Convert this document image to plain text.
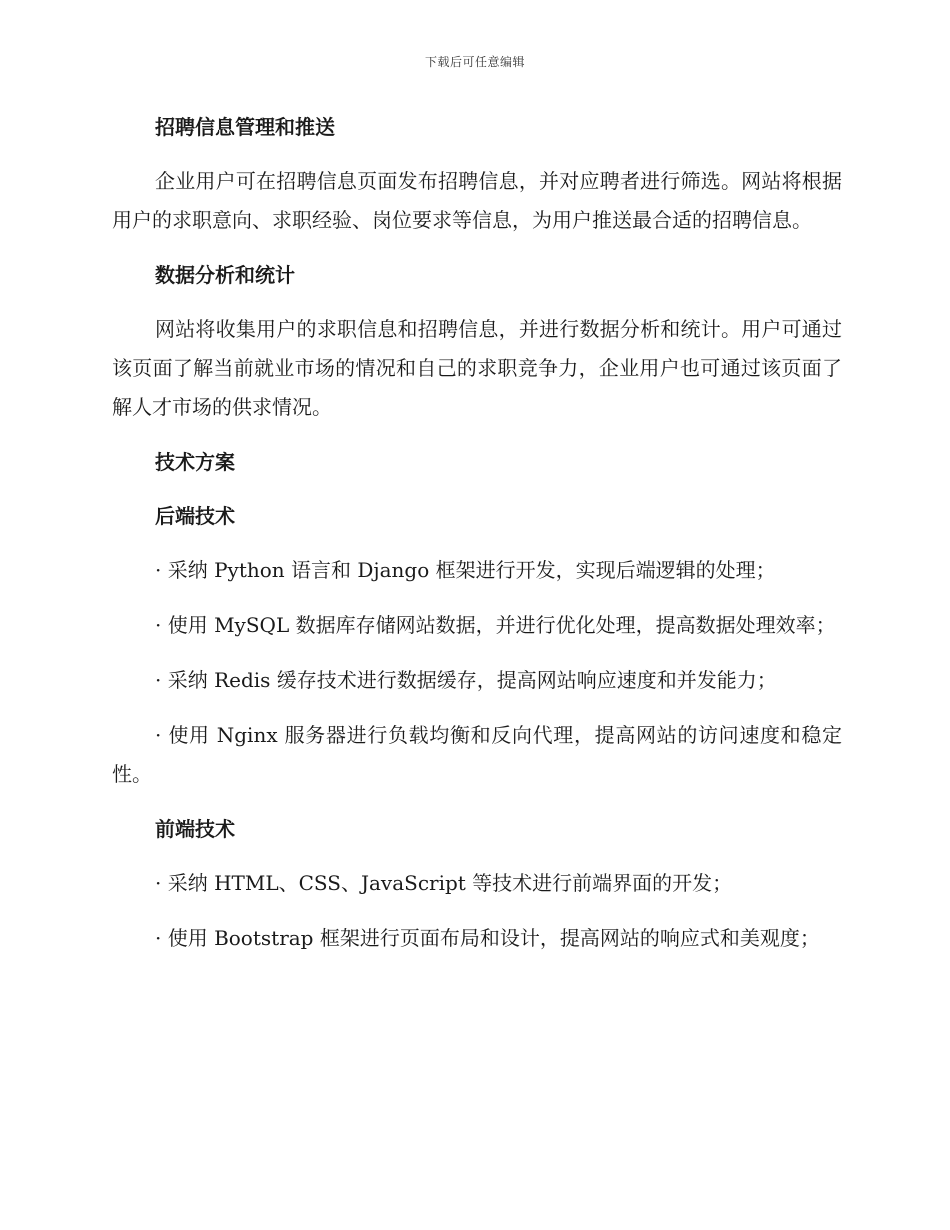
下载后可任意编辑
招聘信息管理和推送
企业用户可在招聘信息页面发布招聘信息，并对应聘者进行筛选。网站将根据用户的求职意向、求职经验、岗位要求等信息，为用户推送最合适的招聘信息。
数据分析和统计
网站将收集用户的求职信息和招聘信息，并进行数据分析和统计。用户可通过该页面了解当前就业市场的情况和自己的求职竞争力，企业用户也可通过该页面了解人才市场的供求情况。
技术方案
后端技术
· 采纳 Python 语言和 Django 框架进行开发，实现后端逻辑的处理；
· 使用 MySQL 数据库存储网站数据，并进行优化处理，提高数据处理效率；
· 采纳 Redis 缓存技术进行数据缓存，提高网站响应速度和并发能力；
· 使用 Nginx 服务器进行负载均衡和反向代理，提高网站的访问速度和稳定性。
前端技术
· 采纳 HTML、CSS、JavaScript 等技术进行前端界面的开发；
· 使用 Bootstrap 框架进行页面布局和设计，提高网站的响应式和美观度；
